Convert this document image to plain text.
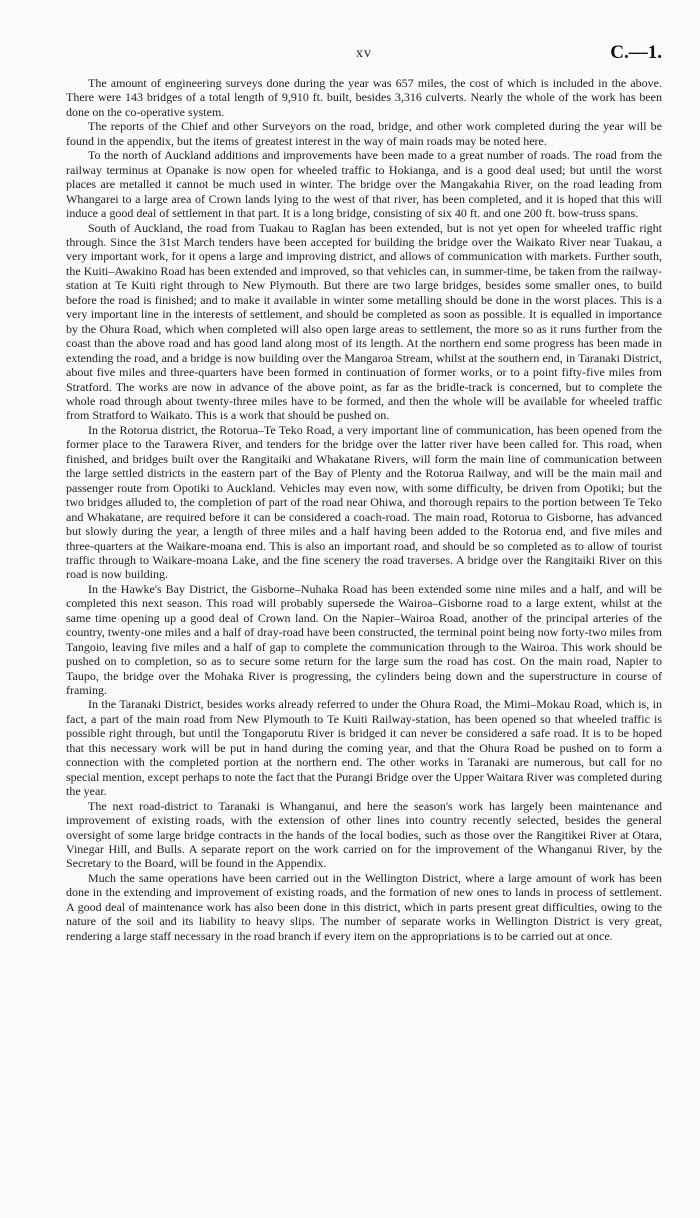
xv	C.—1.

The amount of engineering surveys done during the year was 657 miles, the cost of which is included in the above. There were 143 bridges of a total length of 9,910 ft. built, besides 3,316 culverts. Nearly the whole of the work has been done on the co-operative system.

The reports of the Chief and other Surveyors on the road, bridge, and other work completed during the year will be found in the appendix, but the items of greatest interest in the way of main roads may be noted here.

To the north of Auckland additions and improvements have been made to a great number of roads. The road from the railway terminus at Opanake is now open for wheeled traffic to Hokianga, and is a good deal used; but until the worst places are metalled it cannot be much used in winter. The bridge over the Mangakahia River, on the road leading from Whangarei to a large area of Crown lands lying to the west of that river, has been completed, and it is hoped that this will induce a good deal of settlement in that part. It is a long bridge, consisting of six 40 ft. and one 200 ft. bow-truss spans.

South of Auckland, the road from Tuakau to Raglan has been extended, but is not yet open for wheeled traffic right through. Since the 31st March tenders have been accepted for building the bridge over the Waikato River near Tuakau, a very important work, for it opens a large and improving district, and allows of communication with markets. Further south, the Kuiti–Awakino Road has been extended and improved, so that vehicles can, in summer-time, be taken from the railway-station at Te Kuiti right through to New Plymouth. But there are two large bridges, besides some smaller ones, to build before the road is finished; and to make it available in winter some metalling should be done in the worst places. This is a very important line in the interests of settlement, and should be completed as soon as possible. It is equalled in importance by the Ohura Road, which when completed will also open large areas to settlement, the more so as it runs further from the coast than the above road and has good land along most of its length. At the northern end some progress has been made in extending the road, and a bridge is now building over the Mangaroa Stream, whilst at the southern end, in Taranaki District, about five miles and three-quarters have been formed in continuation of former works, or to a point fifty-five miles from Stratford. The works are now in advance of the above point, as far as the bridle-track is concerned, but to complete the whole road through about twenty-three miles have to be formed, and then the whole will be available for wheeled traffic from Stratford to Waikato. This is a work that should be pushed on.

In the Rotorua district, the Rotorua–Te Teko Road, a very important line of communication, has been opened from the former place to the Tarawera River, and tenders for the bridge over the latter river have been called for. This road, when finished, and bridges built over the Rangitaiki and Whakatane Rivers, will form the main line of communication between the large settled districts in the eastern part of the Bay of Plenty and the Rotorua Railway, and will be the main mail and passenger route from Opotiki to Auckland. Vehicles may even now, with some difficulty, be driven from Opotiki; but the two bridges alluded to, the completion of part of the road near Ohiwa, and thorough repairs to the portion between Te Teko and Whakatane, are required before it can be considered a coach-road. The main road, Rotorua to Gisborne, has advanced but slowly during the year, a length of three miles and a half having been added to the Rotorua end, and five miles and three-quarters at the Waikare-moana end. This is also an important road, and should be so completed as to allow of tourist traffic through to Waikare-moana Lake, and the fine scenery the road traverses. A bridge over the Rangitaiki River on this road is now building.

In the Hawke's Bay District, the Gisborne–Nuhaka Road has been extended some nine miles and a half, and will be completed this next season. This road will probably supersede the Wairoa–Gisborne road to a large extent, whilst at the same time opening up a good deal of Crown land. On the Napier–Wairoa Road, another of the principal arteries of the country, twenty-one miles and a half of dray-road have been constructed, the terminal point being now forty-two miles from Tangoio, leaving five miles and a half of gap to complete the communication through to the Wairoa. This work should be pushed on to completion, so as to secure some return for the large sum the road has cost. On the main road, Napier to Taupo, the bridge over the Mohaka River is progressing, the cylinders being down and the superstructure in course of framing.

In the Taranaki District, besides works already referred to under the Ohura Road, the Mimi–Mokau Road, which is, in fact, a part of the main road from New Plymouth to Te Kuiti Railway-station, has been opened so that wheeled traffic is possible right through, but until the Tongaporutu River is bridged it can never be considered a safe road. It is to be hoped that this necessary work will be put in hand during the coming year, and that the Ohura Road be pushed on to form a connection with the completed portion at the northern end. The other works in Taranaki are numerous, but call for no special mention, except perhaps to note the fact that the Purangi Bridge over the Upper Waitara River was completed during the year.

The next road-district to Taranaki is Whanganui, and here the season's work has largely been maintenance and improvement of existing roads, with the extension of other lines into country recently selected, besides the general oversight of some large bridge contracts in the hands of the local bodies, such as those over the Rangitikei River at Otara, Vinegar Hill, and Bulls. A separate report on the work carried on for the improvement of the Whanganui River, by the Secretary to the Board, will be found in the Appendix.

Much the same operations have been carried out in the Wellington District, where a large amount of work has been done in the extending and improvement of existing roads, and the formation of new ones to lands in process of settlement. A good deal of maintenance work has also been done in this district, which in parts present great difficulties, owing to the nature of the soil and its liability to heavy slips. The number of separate works in Wellington District is very great, rendering a large staff necessary in the road branch if every item on the appropriations is to be carried out at once.
